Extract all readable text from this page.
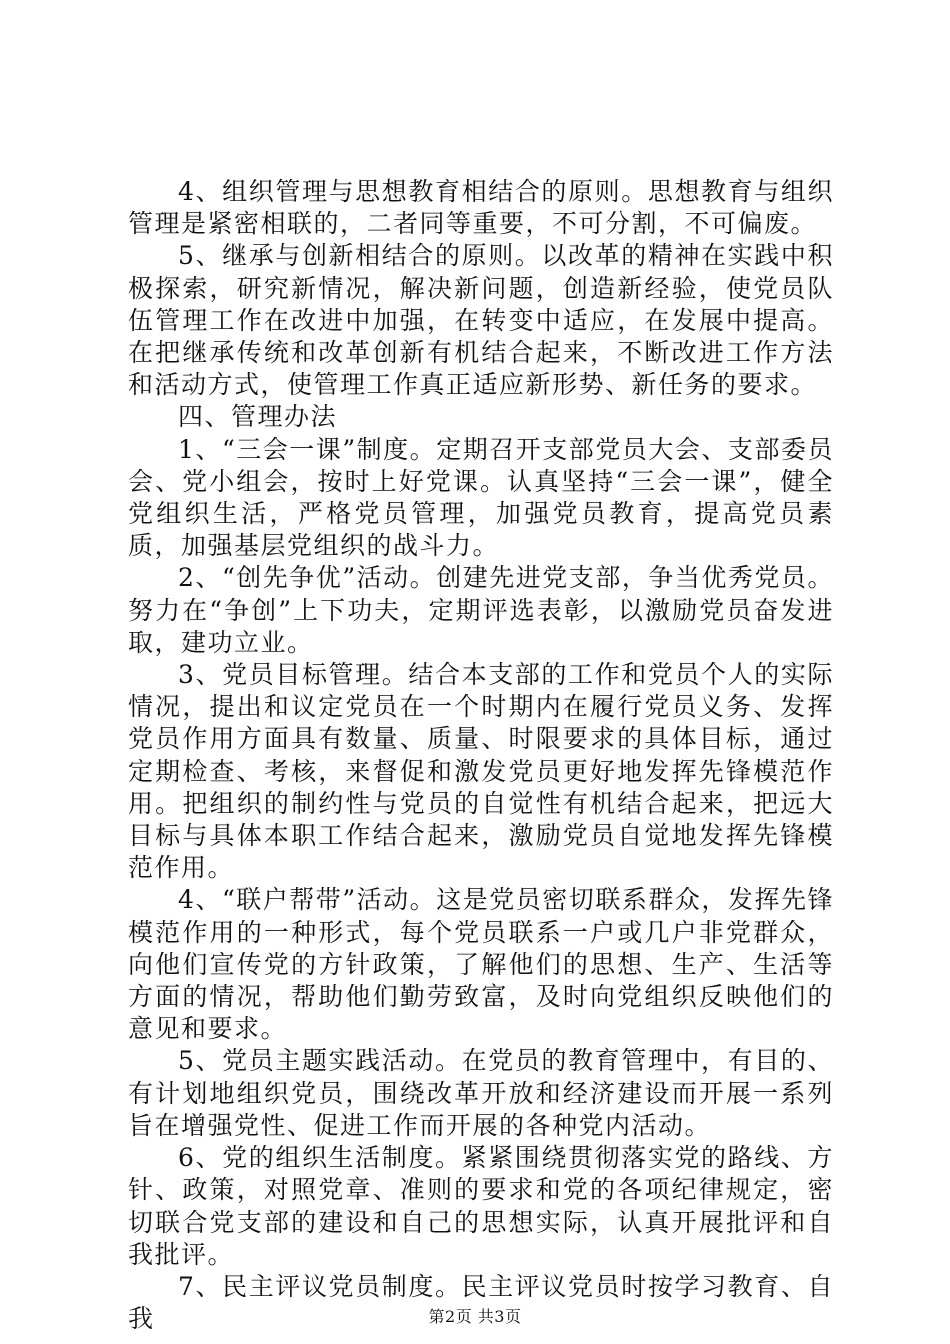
4、组织管理与思想教育相结合的原则。思想教育与组织管理是紧密相联的，二者同等重要，不可分割，不可偏废。

5、继承与创新相结合的原则。以改革的精神在实践中积极探索，研究新情况，解决新问题，创造新经验，使党员队伍管理工作在改进中加强，在转变中适应，在发展中提高。在把继承传统和改革创新有机结合起来，不断改进工作方法和活动方式，使管理工作真正适应新形势、新任务的要求。

四、管理办法

1、“三会一课”制度。定期召开支部党员大会、支部委员会、党小组会，按时上好党课。认真坚持“三会一课”，健全党组织生活，严格党员管理，加强党员教育，提高党员素质，加强基层党组织的战斗力。

2、“创先争优”活动。创建先进党支部，争当优秀党员。努力在“争创”上下功夫，定期评选表彰，以激励党员奋发进取，建功立业。

3、党员目标管理。结合本支部的工作和党员个人的实际情况，提出和议定党员在一个时期内在履行党员义务、发挥党员作用方面具有数量、质量、时限要求的具体目标，通过定期检查、考核，来督促和激发党员更好地发挥先锋模范作用。把组织的制约性与党员的自觉性有机结合起来，把远大目标与具体本职工作结合起来，激励党员自觉地发挥先锋模范作用。

4、“联户帮带”活动。这是党员密切联系群众，发挥先锋模范作用的一种形式，每个党员联系一户或几户非党群众，向他们宣传党的方针政策，了解他们的思想、生产、生活等方面的情况，帮助他们勤劳致富，及时向党组织反映他们的意见和要求。

5、党员主题实践活动。在党员的教育管理中，有目的、有计划地组织党员，围绕改革开放和经济建设而开展一系列旨在增强党性、促进工作而开展的各种党内活动。

6、党的组织生活制度。紧紧围绕贯彻落实党的路线、方针、政策，对照党章、准则的要求和党的各项纪律规定，密切联合党支部的建设和自己的思想实际，认真开展批评和自我批评。

7、民主评议党员制度。民主评议党员时按学习教育、自我	第2页 共3页
